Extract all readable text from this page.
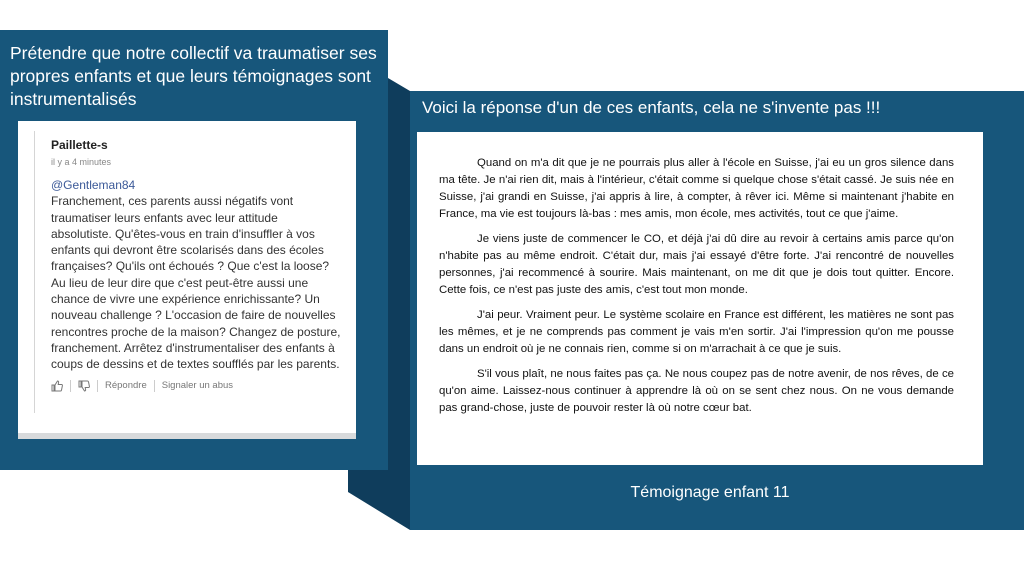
Prétendre que notre collectif va traumatiser ses propres enfants et que leurs témoignages sont instrumentalisés	Voici la réponse d'un de ces enfants, cela ne s'invente pas !!!
Témoignage enfant 11
Paillette-s
il y a 4 minutes
@Gentleman84
Franchement, ces parents aussi négatifs vont traumatiser leurs enfants avec leur attitude absolutiste. Qu'êtes-vous en train d'insuffler à vos enfants qui devront être scolarisés dans des écoles françaises? Qu'ils ont échoués ? Que c'est la loose? Au lieu de leur dire que c'est peut-être aussi une chance de vivre une expérience enrichissante? Un nouveau challenge ? L'occasion de faire de nouvelles rencontres proche de la maison? Changez de posture, franchement. Arrêtez d'instrumentaliser des enfants à coups de dessins et de textes soufflés par les parents.
Répondre Signaler un abus

Quand on m'a dit que je ne pourrais plus aller à l'école en Suisse, j'ai eu un gros silence dans ma tête. Je n'ai rien dit, mais à l'intérieur, c'était comme si quelque chose s'était cassé. Je suis née en Suisse, j'ai grandi en Suisse, j'ai appris à lire, à compter, à rêver ici. Même si maintenant j'habite en France, ma vie est toujours là-bas : mes amis, mon école, mes activités, tout ce que j'aime.

Je viens juste de commencer le CO, et déjà j'ai dû dire au revoir à certains amis parce qu'on n'habite pas au même endroit. C'était dur, mais j'ai essayé d'être forte. J'ai rencontré de nouvelles personnes, j'ai recommencé à sourire. Mais maintenant, on me dit que je dois tout quitter. Encore. Cette fois, ce n'est pas juste des amis, c'est tout mon monde.

J'ai peur. Vraiment peur. Le système scolaire en France est différent, les matières ne sont pas les mêmes, et je ne comprends pas comment je vais m'en sortir. J'ai l'impression qu'on me pousse dans un endroit où je ne connais rien, comme si on m'arrachait à ce que je suis.

S'il vous plaît, ne nous faites pas ça. Ne nous coupez pas de notre avenir, de nos rêves, de ce qu'on aime. Laissez-nous continuer à apprendre là où on se sent chez nous. On ne vous demande pas grand-chose, juste de pouvoir rester là où notre cœur bat.
